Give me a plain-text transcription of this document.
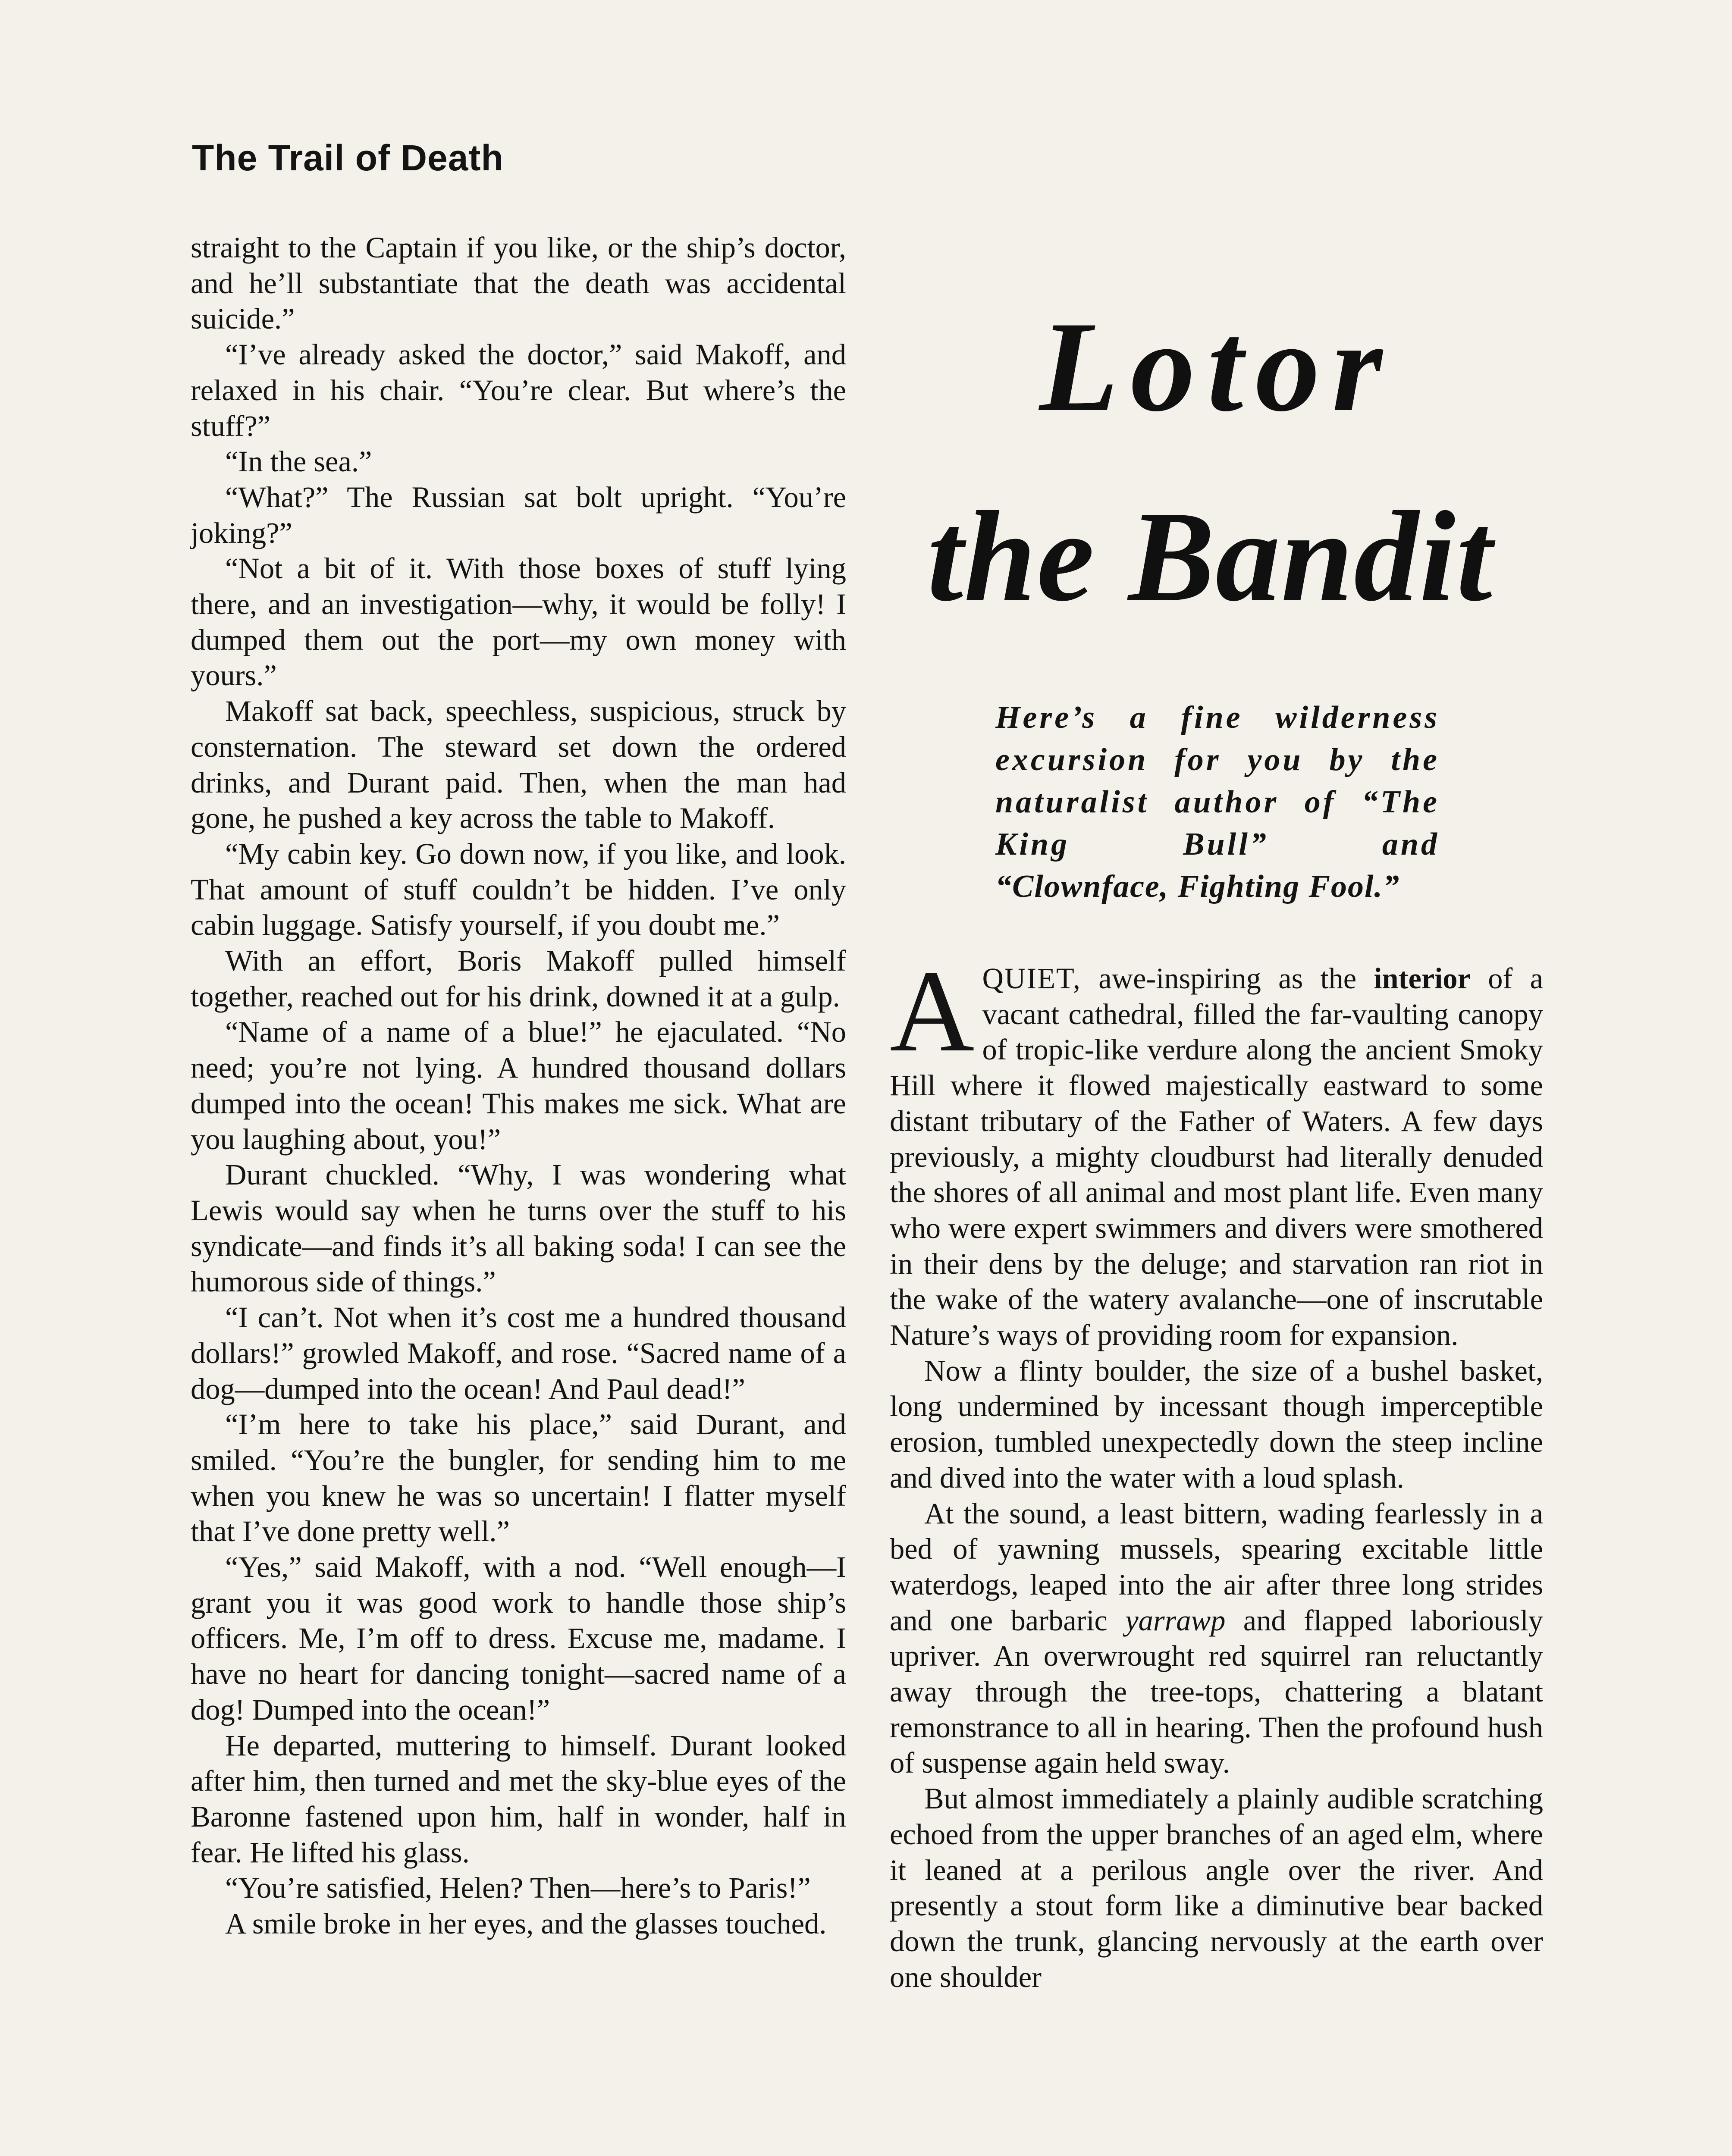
The Trail of Death

straight to the Captain if you like, or the ship’s doctor, and he’ll substantiate that the death was accidental suicide.”

“I’ve already asked the doctor,” said Makoff, and relaxed in his chair. “You’re clear. But where’s the stuff?”

“In the sea.”

“What?” The Russian sat bolt upright. “You’re joking?”

“Not a bit of it. With those boxes of stuff lying there, and an investigation—why, it would be folly! I dumped them out the port—my own money with yours.”

Makoff sat back, speechless, suspicious, struck by consternation. The steward set down the ordered drinks, and Durant paid. Then, when the man had gone, he pushed a key across the table to Makoff.

“My cabin key. Go down now, if you like, and look. That amount of stuff couldn’t be hidden. I’ve only cabin luggage. Satisfy yourself, if you doubt me.”

With an effort, Boris Makoff pulled himself together, reached out for his drink, downed it at a gulp.

“Name of a name of a blue!” he ejaculated. “No need; you’re not lying. A hundred thousand dollars dumped into the ocean! This makes me sick. What are you laughing about, you!”

Durant chuckled. “Why, I was wondering what Lewis would say when he turns over the stuff to his syndicate—and finds it’s all baking soda! I can see the humorous side of things.”

“I can’t. Not when it’s cost me a hundred thousand dollars!” growled Makoff, and rose. “Sacred name of a dog—dumped into the ocean! And Paul dead!”

“I’m here to take his place,” said Durant, and smiled. “You’re the bungler, for sending him to me when you knew he was so uncertain! I flatter myself that I’ve done pretty well.”

“Yes,” said Makoff, with a nod. “Well enough—I grant you it was good work to handle those ship’s officers. Me, I’m off to dress. Excuse me, madame. I have no heart for dancing tonight—sacred name of a dog! Dumped into the ocean!”

He departed, muttering to himself. Durant looked after him, then turned and met the sky-blue eyes of the Baronne fastened upon him, half in wonder, half in fear. He lifted his glass.

“You’re satisfied, Helen? Then—here’s to Paris!”

A smile broke in her eyes, and the glasses touched.

Lotor
the Bandit
Here’s a fine wilderness excursion for you by the naturalist author of “The King Bull” and
“Clownface, Fighting Fool.”

AQUIET, awe-inspiring as the interior of a vacant cathedral, filled the far-vaulting canopy of tropic-like verdure along the ancient Smoky Hill where it flowed majestically eastward to some distant tributary of the Father of Waters. A few days previously, a mighty cloudburst had literally denuded the shores of all animal and most plant life. Even many who were expert swimmers and divers were smothered in their dens by the deluge; and starvation ran riot in the wake of the watery avalanche—one of inscrutable Nature’s ways of providing room for expansion.

Now a flinty boulder, the size of a bushel basket, long undermined by incessant though imperceptible erosion, tumbled unexpectedly down the steep incline and dived into the water with a loud splash.

At the sound, a least bittern, wading fearlessly in a bed of yawning mussels, spearing excitable little waterdogs, leaped into the air after three long strides and one barbaric yarrawp and flapped laboriously upriver. An overwrought red squirrel ran reluctantly away through the tree-tops, chattering a blatant remonstrance to all in hearing. Then the profound hush of suspense again held sway.

But almost immediately a plainly audible scratching echoed from the upper branches of an aged elm, where it leaned at a perilous angle over the river. And presently a stout form like a diminutive bear backed down the trunk, glancing nervously at the earth over one shoulder
